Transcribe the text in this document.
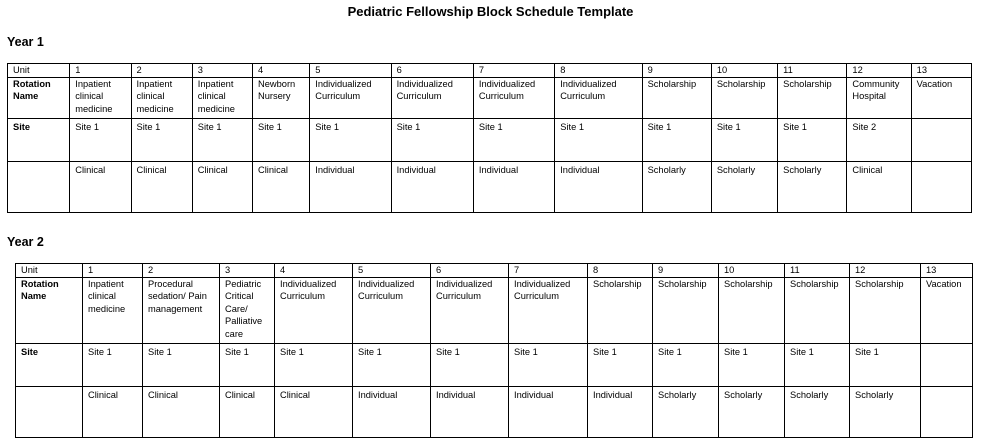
Pediatric Fellowship Block Schedule Template
Year 1
Unit	1	2	3	4	5	6	7	8	9	10	11	12	13
Rotation Name	Inpatient clinical medicine	Inpatient clinical medicine	Inpatient clinical medicine	Newborn Nursery	Individualized Curriculum	Individualized Curriculum	Individualized Curriculum	Individualized Curriculum	Scholarship	Scholarship	Scholarship	Community Hospital	Vacation
Site	Site 1	Site 1	Site 1	Site 1	Site 1	Site 1	Site 1	Site 1	Site 1	Site 1	Site 1	Site 2	
	Clinical	Clinical	Clinical	Clinical	Individual	Individual	Individual	Individual	Scholarly	Scholarly	Scholarly	Clinical	
Year 2
Unit	1	2	3	4	5	6	7	8	9	10	11	12	13
Rotation Name	Inpatient clinical medicine	Procedural sedation/ Pain management	Pediatric Critical Care/ Palliative care	Individualized Curriculum	Individualized Curriculum	Individualized Curriculum	Individualized Curriculum	Scholarship	Scholarship	Scholarship	Scholarship	Scholarship	Vacation
Site	Site 1	Site 1	Site 1	Site 1	Site 1	Site 1	Site 1	Site 1	Site 1	Site 1	Site 1	Site 1	
	Clinical	Clinical	Clinical	Clinical	Individual	Individual	Individual	Individual	Scholarly	Scholarly	Scholarly	Scholarly	
